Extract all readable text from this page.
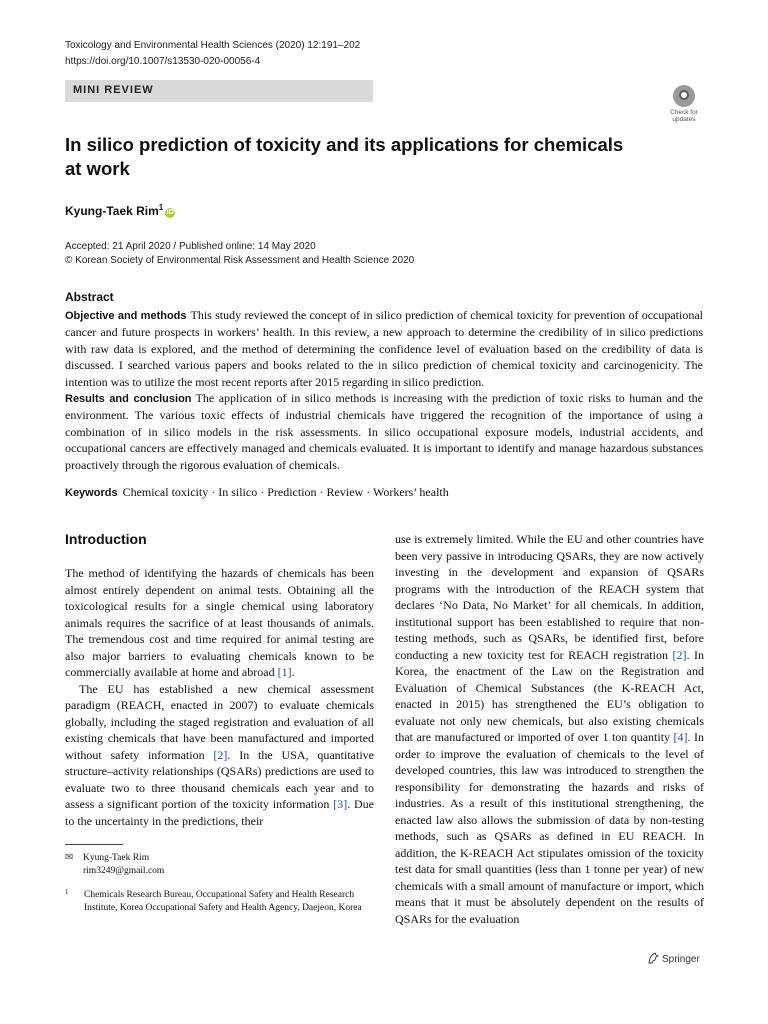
Toxicology and Environmental Health Sciences (2020) 12:191–202
https://doi.org/10.1007/s13530-020-00056-4
MINI REVIEW
Check for updates
In silico prediction of toxicity and its applications for chemicals at work
Kyung-Taek Rim$^1$iD
Accepted: 21 April 2020 / Published online: 14 May 2020
© Korean Society of Environmental Risk Assessment and Health Science 2020
Abstract

Objective and methods This study reviewed the concept of in silico prediction of chemical toxicity for prevention of occupational cancer and future prospects in workers’ health. In this review, a new approach to determine the credibility of in silico predictions with raw data is explored, and the method of determining the confidence level of evaluation based on the credibility of data is discussed. I searched various papers and books related to the in silico prediction of chemical toxicity and carcinogenicity. The intention was to utilize the most recent reports after 2015 regarding in silico prediction.

Results and conclusion The application of in silico methods is increasing with the prediction of toxic risks to human and the environment. The various toxic effects of industrial chemicals have triggered the recognition of the importance of using a combination of in silico models in the risk assessments. In silico occupational exposure models, industrial accidents, and occupational cancers are effectively managed and chemicals evaluated. It is important to identify and manage hazardous substances proactively through the rigorous evaluation of chemicals.

Keywords Chemical toxicity · In silico · Prediction · Review · Workers’ health
Introduction

The method of identifying the hazards of chemicals has been almost entirely dependent on animal tests. Obtaining all the toxicological results for a single chemical using laboratory animals requires the sacrifice of at least thousands of animals. The tremendous cost and time required for animal testing are also major barriers to evaluating chemicals known to be commercially available at home and abroad [1].

The EU has established a new chemical assessment paradigm (REACH, enacted in 2007) to evaluate chemicals globally, including the staged registration and evaluation of all existing chemicals that have been manufactured and imported without safety information [2]. In the USA, quantitative structure–activity relationships (QSARs) predictions are used to evaluate two to three thousand chemicals each year and to assess a significant portion of the toxicity information [3]. Due to the uncertainty in the predictions, their

use is extremely limited. While the EU and other countries have been very passive in introducing QSARs, they are now actively investing in the development and expansion of QSARs programs with the introduction of the REACH system that declares ‘No Data, No Market’ for all chemicals. In addition, institutional support has been established to require that non-testing methods, such as QSARs, be identified first, before conducting a new toxicity test for REACH registration [2]. In Korea, the enactment of the Law on the Registration and Evaluation of Chemical Substances (the K-REACH Act, enacted in 2015) has strengthened the EU’s obligation to evaluate not only new chemicals, but also existing chemicals that are manufactured or imported of over 1 ton quantity [4]. In order to improve the evaluation of chemicals to the level of developed countries, this law was introduced to strengthen the responsibility for demonstrating the hazards and risks of industries. As a result of this institutional strengthening, the enacted law also allows the submission of data by non-testing methods, such as QSARs as defined in EU REACH. In addition, the K-REACH Act stipulates omission of the toxicity test data for small quantities (less than 1 tonne per year) of new chemicals with a small amount of manufacture or import, which means that it must be absolutely dependent on the results of QSARs for the evaluation

✉ Kyung-Taek Rim
rim3249@gmail.com
1 Chemicals Research Bureau, Occupational Safety and Health Research Institute, Korea Occupational Safety and Health Agency, Daejeon, Korea
Springer
